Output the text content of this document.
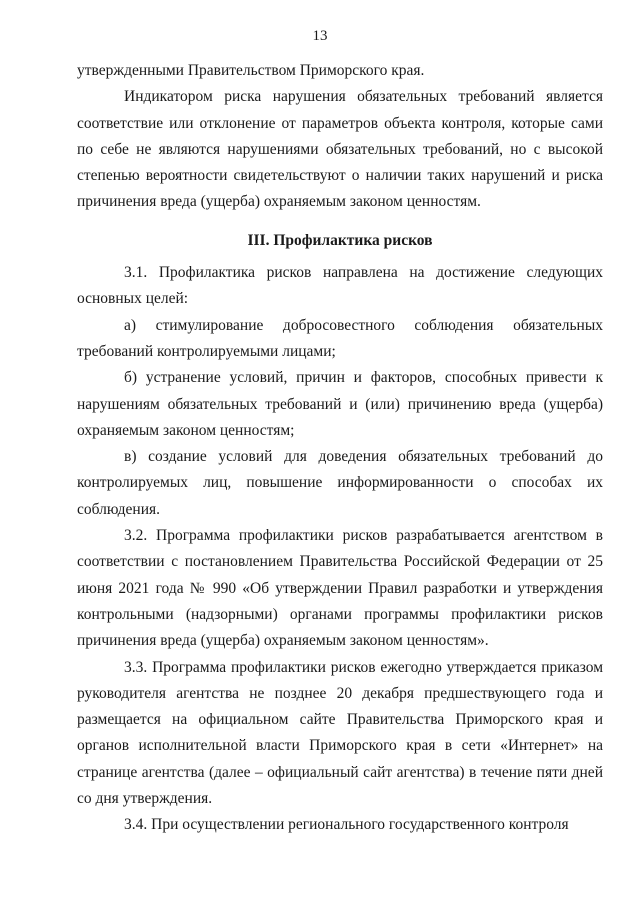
13

утвержденными Правительством Приморского края.

Индикатором риска нарушения обязательных требований является соответствие или отклонение от параметров объекта контроля, которые сами по себе не являются нарушениями обязательных требований, но с высокой степенью вероятности свидетельствуют о наличии таких нарушений и риска причинения вреда (ущерба) охраняемым законом ценностям.

III. Профилактика рисков

3.1. Профилактика рисков направлена на достижение следующих основных целей:

а) стимулирование добросовестного соблюдения обязательных требований контролируемыми лицами;

б) устранение условий, причин и факторов, способных привести к нарушениям обязательных требований и (или) причинению вреда (ущерба) охраняемым законом ценностям;

в) создание условий для доведения обязательных требований до контролируемых лиц, повышение информированности о способах их соблюдения.

3.2. Программа профилактики рисков разрабатывается агентством в соответствии с постановлением Правительства Российской Федерации от 25 июня 2021 года № 990 «Об утверждении Правил разработки и утверждения контрольными (надзорными) органами программы профилактики рисков причинения вреда (ущерба) охраняемым законом ценностям».

3.3. Программа профилактики рисков ежегодно утверждается приказом руководителя агентства не позднее 20 декабря предшествующего года и размещается на официальном сайте Правительства Приморского края и органов исполнительной власти Приморского края в сети «Интернет» на странице агентства (далее – официальный сайт агентства) в течение пяти дней со дня утверждения.

3.4. При осуществлении регионального государственного контроля
